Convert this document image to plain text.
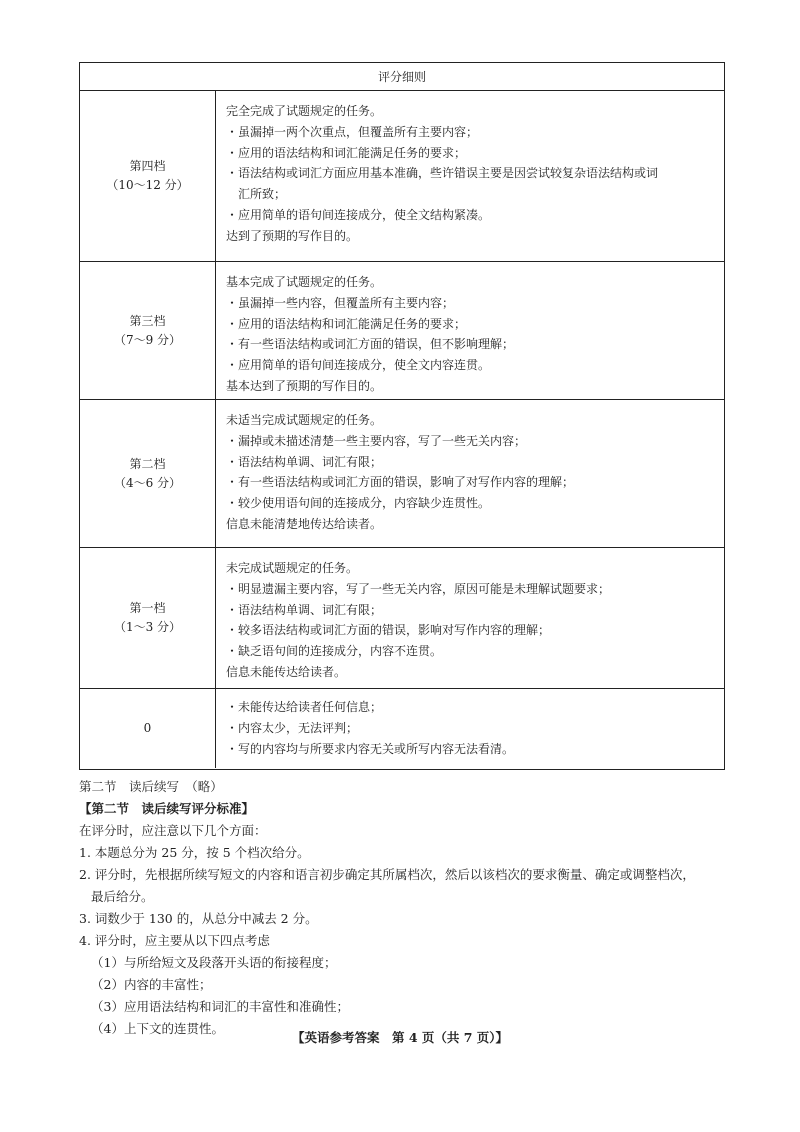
评分细则
第四档
（10～12 分）
完全完成了试题规定的任务。
・虽漏掉一两个次重点，但覆盖所有主要内容；
・应用的语法结构和词汇能满足任务的要求；
・语法结构或词汇方面应用基本准确，些许错误主要是因尝试较复杂语法结构或词
汇所致；
・应用简单的语句间连接成分，使全文结构紧凑。
达到了预期的写作目的。
第三档
（7～9 分）
基本完成了试题规定的任务。
・虽漏掉一些内容，但覆盖所有主要内容；
・应用的语法结构和词汇能满足任务的要求；
・有一些语法结构或词汇方面的错误，但不影响理解；
・应用简单的语句间连接成分，使全文内容连贯。
基本达到了预期的写作目的。
第二档
（4～6 分）
未适当完成试题规定的任务。
・漏掉或未描述清楚一些主要内容，写了一些无关内容；
・语法结构单调、词汇有限；
・有一些语法结构或词汇方面的错误，影响了对写作内容的理解；
・较少使用语句间的连接成分，内容缺少连贯性。
信息未能清楚地传达给读者。
第一档
（1～3 分）
未完成试题规定的任务。
・明显遗漏主要内容，写了一些无关内容，原因可能是未理解试题要求；
・语法结构单调、词汇有限；
・较多语法结构或词汇方面的错误，影响对写作内容的理解；
・缺乏语句间的连接成分，内容不连贯。
信息未能传达给读者。
0
・未能传达给读者任何信息；
・内容太少，无法评判；
・写的内容均与所要求内容无关或所写内容无法看清。
第二节　读后续写　（略）
【第二节　读后续写评分标准】
在评分时，应注意以下几个方面：
1. 本题总分为 25 分，按 5 个档次给分。
2. 评分时，先根据所续写短文的内容和语言初步确定其所属档次，然后以该档次的要求衡量、确定或调整档次，
最后给分。
3. 词数少于 130 的，从总分中减去 2 分。
4. 评分时，应主要从以下四点考虑
（1）与所给短文及段落开头语的衔接程度；
（2）内容的丰富性；
（3）应用语法结构和词汇的丰富性和准确性；
（4）上下文的连贯性。
【英语参考答案　第 4 页（共 7 页）】
